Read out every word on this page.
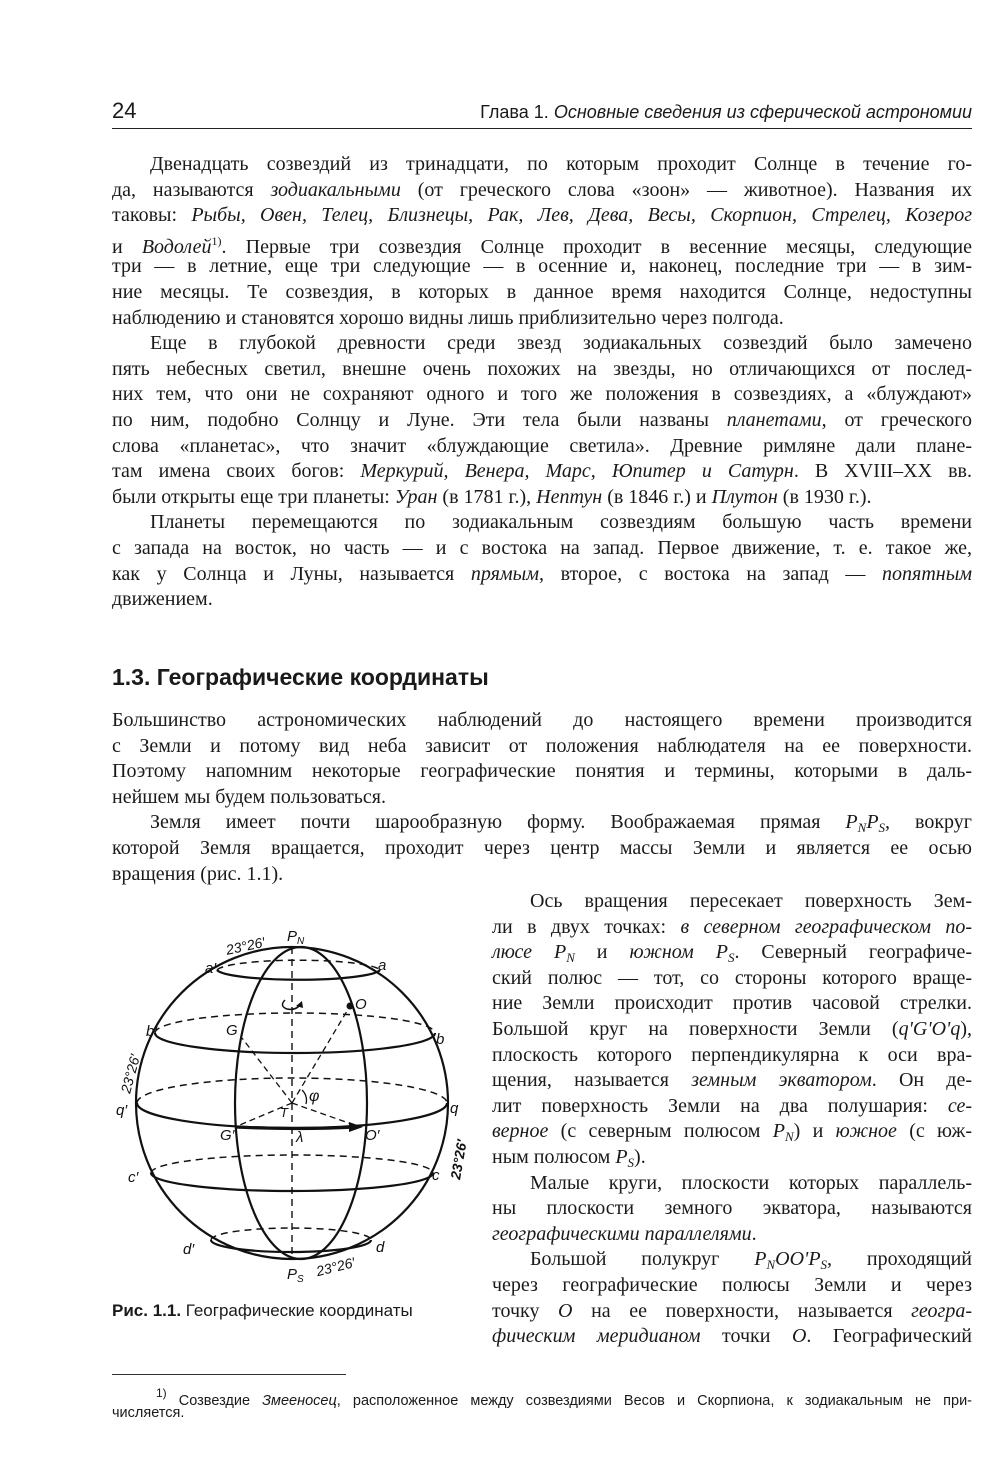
24	Глава 1. Основные сведения из сферической астрономии
Двенадцать созвездий из тринадцати, по которым проходит Солнце в течение го-
да, называются зодиакальными (от греческого слова «зоон» — животное). Названия их
таковы: Рыбы, Овен, Телец, Близнецы, Рак, Лев, Дева, Весы, Скорпион, Стрелец, Козерог
и Водолей$^{1)}$. Первые три созвездия Солнце проходит в весенние месяцы, следующие
три — в летние, еще три следующие — в осенние и, наконец, последние три — в зим-
ние месяцы. Те созвездия, в которых в данное время находится Солнце, недоступны
наблюдению и становятся хорошо видны лишь приблизительно через полгода.
Еще в глубокой древности среди звезд зодиакальных созвездий было замечено
пять небесных светил, внешне очень похожих на звезды, но отличающихся от послед-
них тем, что они не сохраняют одного и того же положения в созвездиях, а «блуждают»
по ним, подобно Солнцу и Луне. Эти тела были названы планетами, от греческого
слова «планетас», что значит «блуждающие светила». Древние римляне дали плане-
там имена своих богов: Меркурий, Венера, Марс, Юпитер и Сатурн. В XVIII–XX вв.
были открыты еще три планеты: Уран (в 1781 г.), Нептун (в 1846 г.) и Плутон (в 1930 г.).
Планеты перемещаются по зодиакальным созвездиям большую часть времени
с запада на восток, но часть — и с востока на запад. Первое движение, т. е. такое же,
как у Солнца и Луны, называется прямым, второе, с востока на запад — попятным
движением.
1.3. Географические координаты
Большинство астрономических наблюдений до настоящего времени производится
с Земли и потому вид неба зависит от положения наблюдателя на ее поверхности.
Поэтому напомним некоторые географические понятия и термины, которыми в даль-
нейшем мы будем пользоваться.
Земля имеет почти шарообразную форму. Воображаемая прямая $P_NP_S$, вокруг
которой Земля вращается, проходит через центр массы Земли и является ее осью
вращения (рис. 1.1).
Ось вращения пересекает поверхность Зем-
ли в двух точках: в северном географическом по-
люсе $P_N$ и южном $P_S$. Северный географиче-
ский полюс — тот, со стороны которого враще-
ние Земли происходит против часовой стрелки.
Большой круг на поверхности Земли (q'G'O'q),
плоскость которого перпендикулярна к оси вра-
щения, называется земным экватором. Он де-
лит поверхность Земли на два полушария: се-
верное (с северным полюсом $P_N$) и южное (с юж-
ным полюсом $P_S$).
Малые круги, плоскости которых параллель-
ны плоскости земного экватора, называются
географическими параллелями.
Большой полукруг $P_NOO'P_S$, проходящий
через географические полюсы Земли и через
точку O на ее поверхности, называется геогра-
фическим меридианом точки O. Географический
$P_N$
$P_S$
23°26′
23°26′
23°26′
23°26′
a′	a
b′	b
q′	q
c′	c
d′	d
O
O′
G
G′
T
φ
λ
Рис. 1.1. Географические координаты
$^{1)}$ Созвездие Змееносец, расположенное между созвездиями Весов и Скорпиона, к зодиакальным не при-
числяется.
